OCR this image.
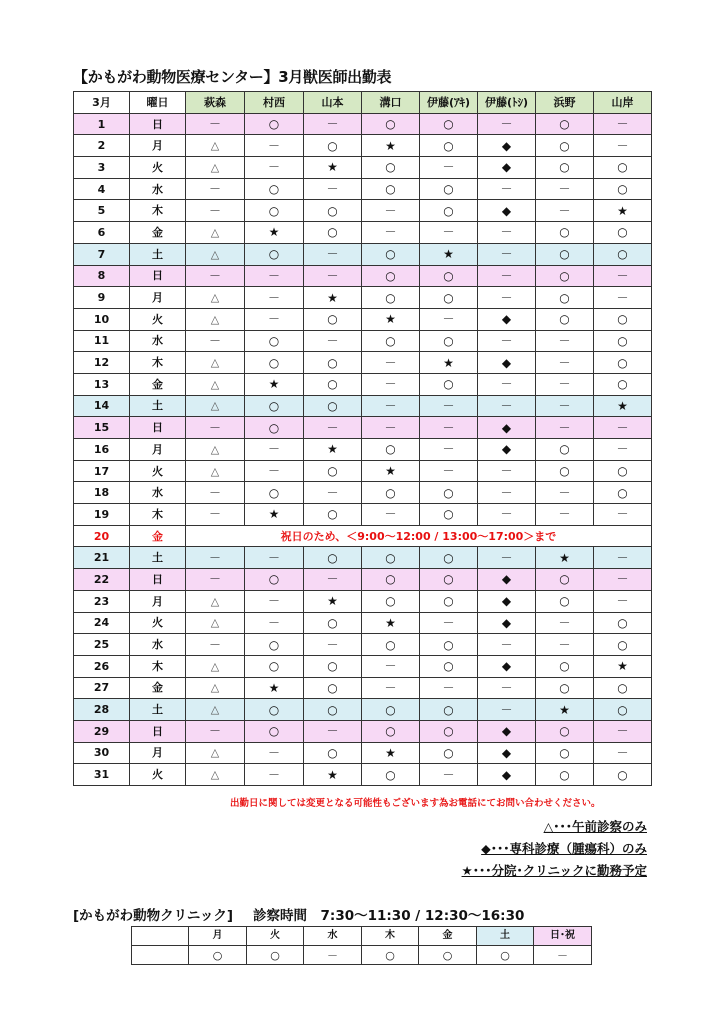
【かもがわ動物医療センター】3月獣医師出勤表
3月	曜日	萩森	村西	山本	溝口	伊藤(ｱｷ)	伊藤(ﾄｼ)	浜野	山岸
1	日	－	○	－	○	○	－	○	－
2	月	△	－	○	★	○	◆	○	－
3	火	△	－	★	○	－	◆	○	○
4	水	－	○	－	○	○	－	－	○
5	木	－	○	○	－	○	◆	－	★
6	金	△	★	○	－	－	－	○	○
7	土	△	○	－	○	★	－	○	○
8	日	－	－	－	○	○	－	○	－
9	月	△	－	★	○	○	－	○	－
10	火	△	－	○	★	－	◆	○	○
11	水	－	○	－	○	○	－	－	○
12	木	△	○	○	－	★	◆	－	○
13	金	△	★	○	－	○	－	－	○
14	土	△	○	○	－	－	－	－	★
15	日	－	○	－	－	－	◆	－	－
16	月	△	－	★	○	－	◆	○	－
17	火	△	－	○	★	－	－	○	○
18	水	－	○	－	○	○	－	－	○
19	木	－	★	○	－	○	－	－	－
20	金	祝日のため、＜9:00～12:00 / 13:00～17:00＞まで							
21	土	－	－	○	○	○	－	★	－
22	日	－	○	－	○	○	◆	○	－
23	月	△	－	★	○	○	◆	○	－
24	火	△	－	○	★	－	◆	－	○
25	水	－	○	－	○	○	－	－	○
26	木	△	○	○	－	○	◆	○	★
27	金	△	★	○	－	－	－	○	○
28	土	△	○	○	○	○	－	★	○
29	日	－	○	－	○	○	◆	○	－
30	月	△	－	○	★	○	◆	○	－
31	火	△	－	★	○	－	◆	○	○
出勤日に関しては変更となる可能性もございます為お電話にてお問い合わせください。
△･･･午前診察のみ
◆･･･専科診療（腫瘍科）のみ
★･･･分院･クリニックに勤務予定
[かもがわ動物クリニック] 診察時間　7:30～11:30 / 12:30～16:30
	月	火	水	木	金	土	日･祝
	○	○	－	○	○	○	－
